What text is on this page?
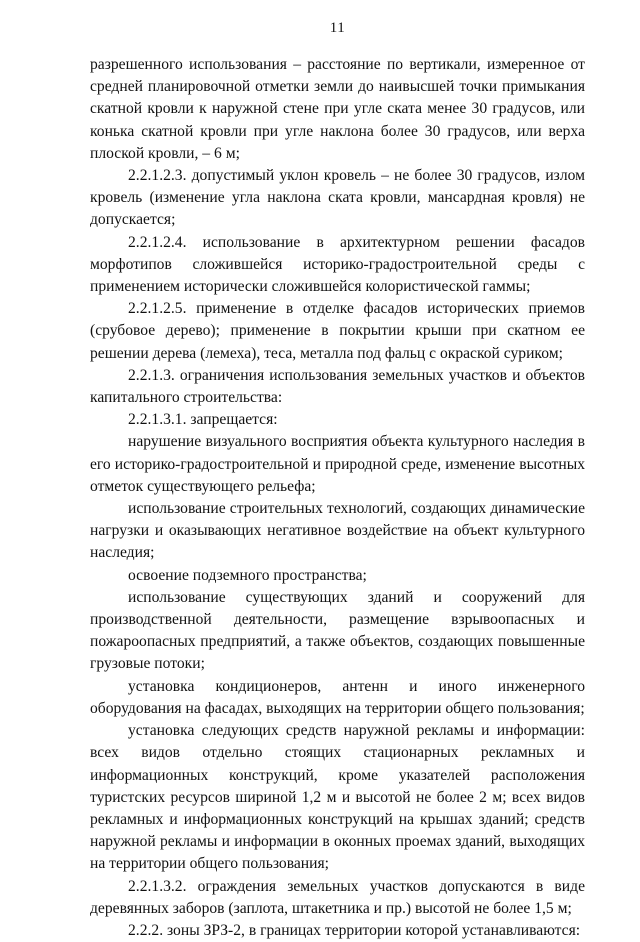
11

разрешенного использования – расстояние по вертикали, измеренное от средней планировочной отметки земли до наивысшей точки примыкания скатной кровли к наружной стене при угле ската менее 30 градусов, или конька скатной кровли при угле наклона более 30 градусов, или верха плоской кровли, – 6 м;

2.2.1.2.3. допустимый уклон кровель – не более 30 градусов, излом кровель (изменение угла наклона ската кровли, мансардная кровля) не допускается;

2.2.1.2.4. использование в архитектурном решении фасадов морфотипов сложившейся историко-градостроительной среды с применением исторически сложившейся колористической гаммы;

2.2.1.2.5. применение в отделке фасадов исторических приемов (срубовое дерево); применение в покрытии крыши при скатном ее решении дерева (лемеха), теса, металла под фальц с окраской суриком;

2.2.1.3. ограничения использования земельных участков и объектов капитального строительства:

2.2.1.3.1. запрещается:

нарушение визуального восприятия объекта культурного наследия в его историко-градостроительной и природной среде, изменение высотных отметок существующего рельефа;

использование строительных технологий, создающих динамические нагрузки и оказывающих негативное воздействие на объект культурного наследия;

освоение подземного пространства;

использование существующих зданий и сооружений для производственной деятельности, размещение взрывоопасных и пожароопасных предприятий, а также объектов, создающих повышенные грузовые потоки;

установка кондиционеров, антенн и иного инженерного оборудования на фасадах, выходящих на территории общего пользования;

установка следующих средств наружной рекламы и информации: всех видов отдельно стоящих стационарных рекламных и информационных конструкций, кроме указателей расположения туристских ресурсов шириной 1,2 м и высотой не более 2 м; всех видов рекламных и информационных конструкций на крышах зданий; средств наружной рекламы и информации в оконных проемах зданий, выходящих на территории общего пользования;

2.2.1.3.2. ограждения земельных участков допускаются в виде деревянных заборов (заплота, штакетника и пр.) высотой не более 1,5 м;

2.2.2. зоны ЗРЗ-2, в границах территории которой устанавливаются:
